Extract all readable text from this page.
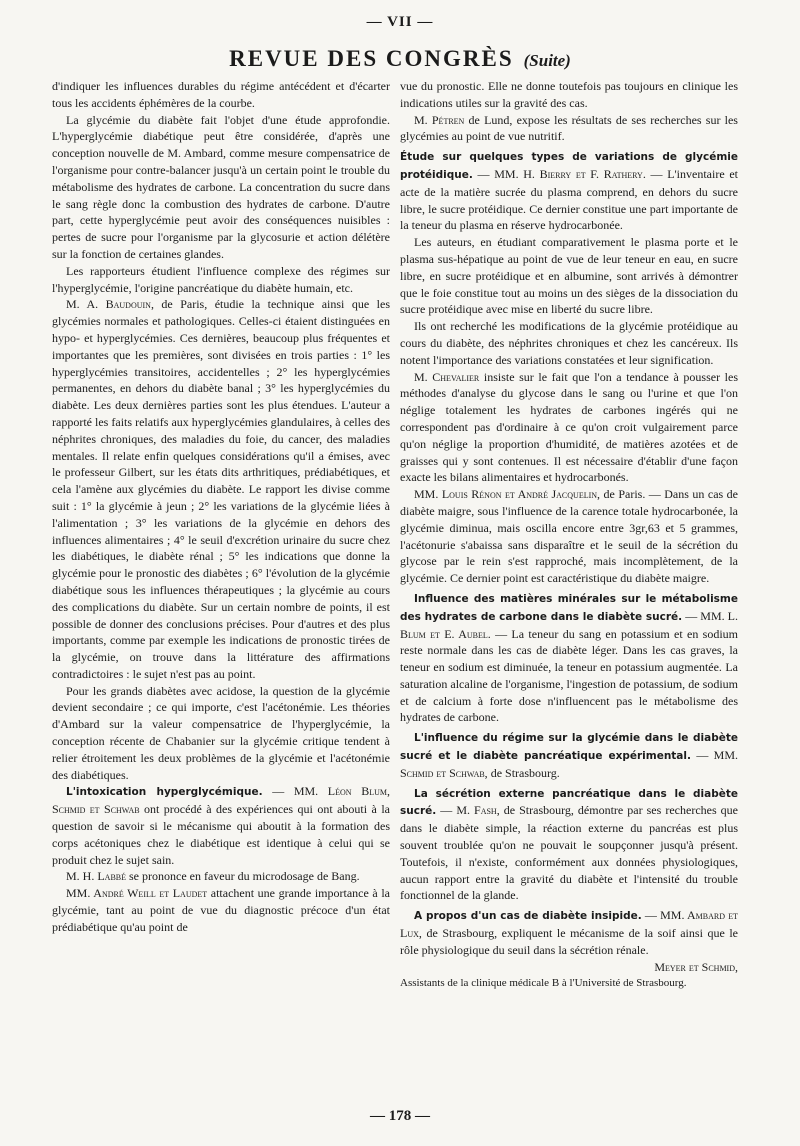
— VII —
REVUE DES CONGRÈS (Suite)

d'indiquer les influences durables du régime antécédent et d'écarter tous les accidents éphémères de la courbe.

La glycémie du diabète fait l'objet d'une étude approfondie. L'hyperglycémie diabétique peut être considérée, d'après une conception nouvelle de M. Ambard, comme mesure compensatrice de l'organisme pour contre-balancer jusqu'à un certain point le trouble du métabolisme des hydrates de carbone. La concentration du sucre dans le sang règle donc la combustion des hydrates de carbone. D'autre part, cette hyperglycémie peut avoir des conséquences nuisibles : pertes de sucre pour l'organisme par la glycosurie et action délétère sur la fonction de certaines glandes.

Les rapporteurs étudient l'influence complexe des régimes sur l'hyperglycémie, l'origine pancréatique du diabète humain, etc.

M. A. Baudouin, de Paris, étudie la technique ainsi que les glycémies normales et pathologiques. Celles-ci étaient distinguées en hypo- et hyperglycémies. Ces dernières, beaucoup plus fréquentes et importantes que les premières, sont divisées en trois parties : 1° les hyperglycémies transitoires, accidentelles ; 2° les hyperglycémies permanentes, en dehors du diabète banal ; 3° les hyperglycémies du diabète. Les deux dernières parties sont les plus étendues. L'auteur a rapporté les faits relatifs aux hyperglycémies glandulaires, à celles des néphrites chroniques, des maladies du foie, du cancer, des maladies mentales. Il relate enfin quelques considérations qu'il a émises, avec le professeur Gilbert, sur les états dits arthritiques, prédiabétiques, et cela l'amène aux glycémies du diabète. Le rapport les divise comme suit : 1° la glycémie à jeun ; 2° les variations de la glycémie liées à l'alimentation ; 3° les variations de la glycémie en dehors des influences alimentaires ; 4° le seuil d'excrétion urinaire du sucre chez les diabétiques, le diabète rénal ; 5° les indications que donne la glycémie pour le pronostic des diabètes ; 6° l'évolution de la glycémie diabétique sous les influences thérapeutiques ; la glycémie au cours des complications du diabète. Sur un certain nombre de points, il est possible de donner des conclusions précises. Pour d'autres et des plus importants, comme par exemple les indications de pronostic tirées de la glycémie, on trouve dans la littérature des affirmations contradictoires : le sujet n'est pas au point.

Pour les grands diabètes avec acidose, la question de la glycémie devient secondaire ; ce qui importe, c'est l'acétonémie. Les théories d'Ambard sur la valeur compensatrice de l'hyperglycémie, la conception récente de Chabanier sur la glycémie critique tendent à relier étroitement les deux problèmes de la glycémie et l'acétonémie des diabétiques.

L'intoxication hyperglycémique. — MM. Léon Blum, Schmid et Schwab ont procédé à des expériences qui ont abouti à la question de savoir si le mécanisme qui aboutit à la formation des corps acétoniques chez le diabétique est identique à celui qui se produit chez le sujet sain.

M. H. Labbé se prononce en faveur du microdosage de Bang.

MM. André Weill et Laudet attachent une grande importance à la glycémie, tant au point de vue du diagnostic précoce d'un état prédiabétique qu'au point de

vue du pronostic. Elle ne donne toutefois pas toujours en clinique les indications utiles sur la gravité des cas.

M. Pétren de Lund, expose les résultats de ses recherches sur les glycémies au point de vue nutritif.

Étude sur quelques types de variations de glycémie protéidique. — MM. H. Bierry et F. Rathery. — L'inventaire et acte de la matière sucrée du plasma comprend, en dehors du sucre libre, le sucre protéidique. Ce dernier constitue une part importante de la teneur du plasma en réserve hydrocarbonée.

Les auteurs, en étudiant comparativement le plasma porte et le plasma sus-hépatique au point de vue de leur teneur en eau, en sucre libre, en sucre protéidique et en albumine, sont arrivés à démontrer que le foie constitue tout au moins un des sièges de la dissociation du sucre protéidique avec mise en liberté du sucre libre.

Ils ont recherché les modifications de la glycémie protéidique au cours du diabète, des néphrites chroniques et chez les cancéreux. Ils notent l'importance des variations constatées et leur signification.

M. Chevalier insiste sur le fait que l'on a tendance à pousser les méthodes d'analyse du glycose dans le sang ou l'urine et que l'on néglige totalement les hydrates de carbones ingérés qui ne correspondent pas d'ordinaire à ce qu'on croit vulgairement parce qu'on néglige la proportion d'humidité, de matières azotées et de graisses qui y sont contenues. Il est nécessaire d'établir d'une façon exacte les bilans alimentaires et hydrocarbonés.

MM. Louis Rénon et André Jacquelin, de Paris. — Dans un cas de diabète maigre, sous l'influence de la carence totale hydrocarbonée, la glycémie diminua, mais oscilla encore entre 3gr,63 et 5 grammes, l'acétonurie s'abaissa sans disparaître et le seuil de la sécrétion du glycose par le rein s'est rapproché, mais incomplètement, de la glycémie. Ce dernier point est caractéristique du diabète maigre.

Influence des matières minérales sur le métabolisme des hydrates de carbone dans le diabète sucré. — MM. L. Blum et E. Aubel. — La teneur du sang en potassium et en sodium reste normale dans les cas de diabète léger. Dans les cas graves, la teneur en sodium est diminuée, la teneur en potassium augmentée. La saturation alcaline de l'organisme, l'ingestion de potassium, de sodium et de calcium à forte dose n'influencent pas le métabolisme des hydrates de carbone.

L'influence du régime sur la glycémie dans le diabète sucré et le diabète pancréatique expérimental. — MM. Schmid et Schwab, de Strasbourg.

La sécrétion externe pancréatique dans le diabète sucré. — M. Fash, de Strasbourg, démontre par ses recherches que dans le diabète simple, la réaction externe du pancréas est plus souvent troublée qu'on ne pouvait le soupçonner jusqu'à présent. Toutefois, il n'existe, conformément aux données physiologiques, aucun rapport entre la gravité du diabète et l'intensité du trouble fonctionnel de la glande.

A propos d'un cas de diabète insipide. — MM. Ambard et Lux, de Strasbourg, expliquent le mécanisme de la soif ainsi que le rôle physiologique du seuil dans la sécrétion rénale.

Meyer et Schmid,

Assistants de la clinique médicale B à l'Université de Strasbourg.

— 178 —
